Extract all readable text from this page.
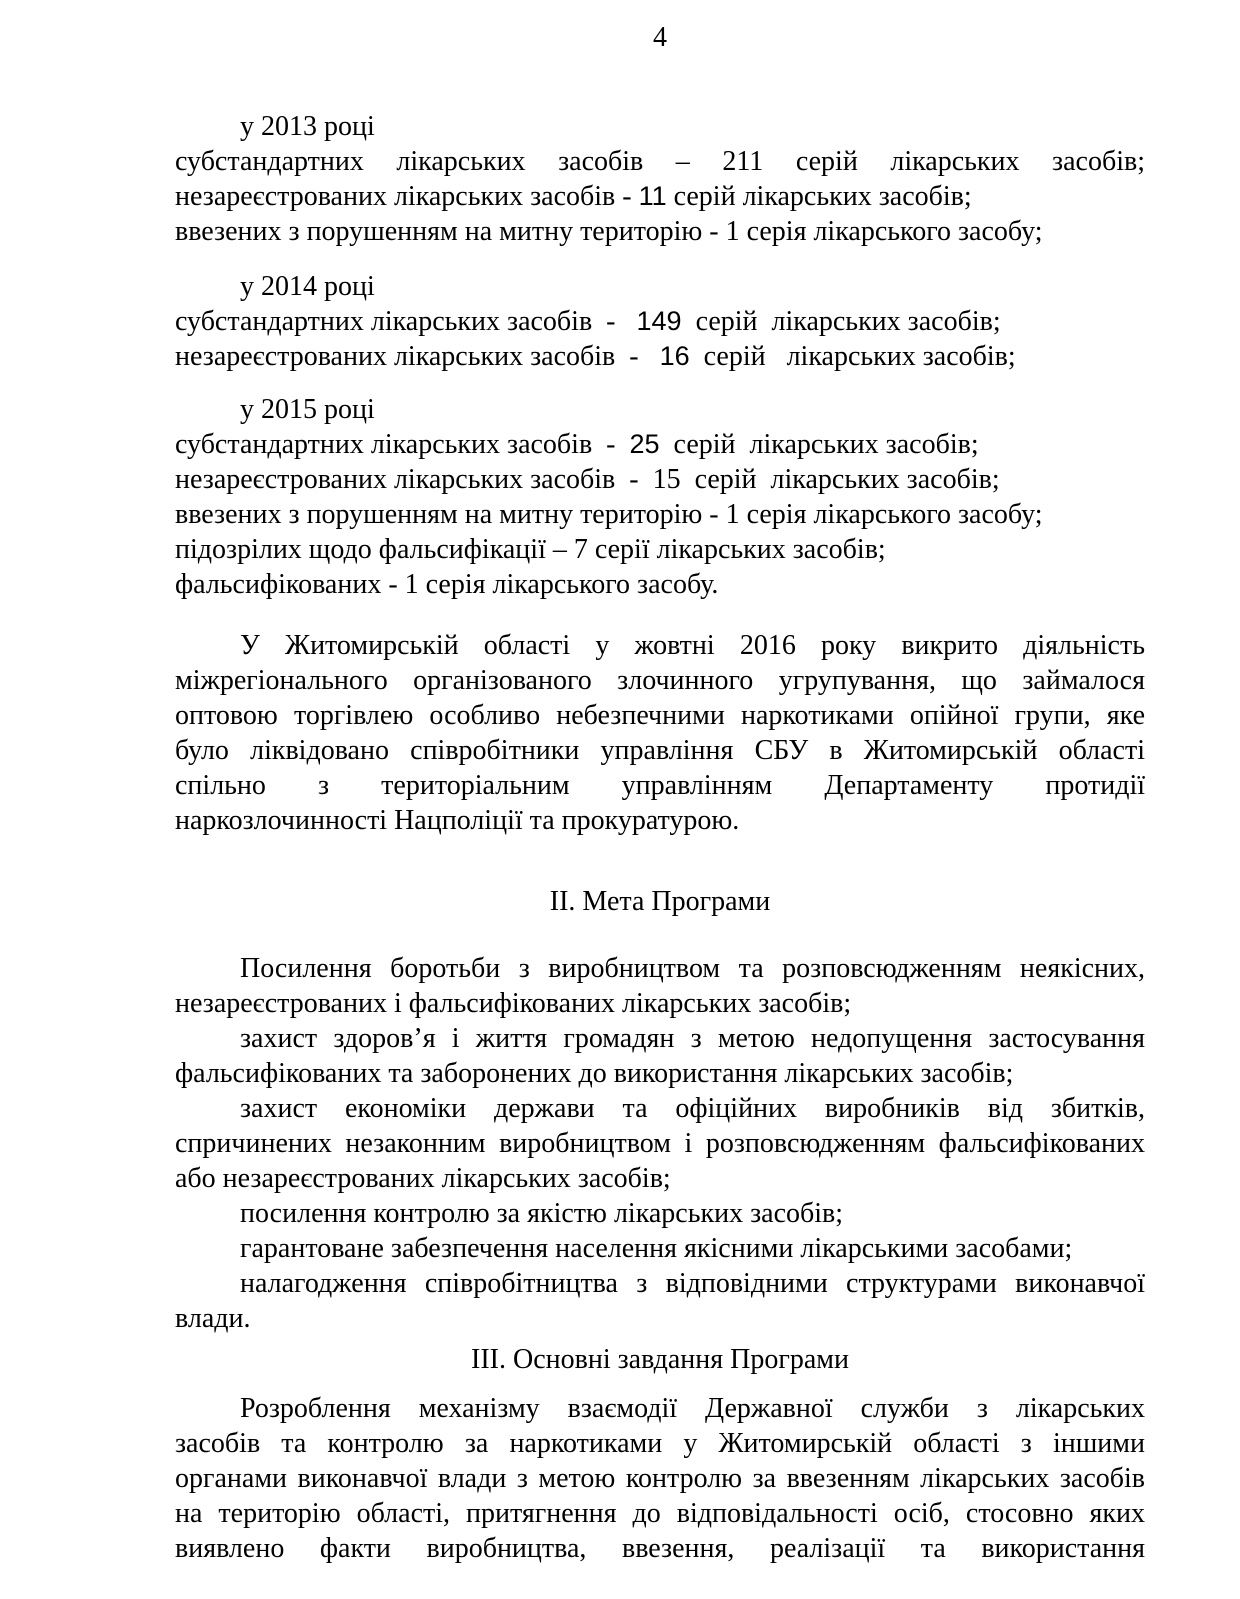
4
у 2013 році
субстандартних лікарських засобів – 211 серій лікарських засобів;
незареєстрованих лікарських засобів - 11 серій лікарських засобів;
ввезених з порушенням на митну територію - 1 серія лікарського засобу;
у 2014 році
субстандартних лікарських засобів  -   149  серій  лікарських засобів;
незареєстрованих лікарських засобів  -   16  серій   лікарських засобів;
у 2015 році
субстандартних лікарських засобів  -  25  серій  лікарських засобів;
незареєстрованих лікарських засобів  -  15  серій  лікарських засобів;
ввезених з порушенням на митну територію - 1 серія лікарського засобу;
підозрілих щодо фальсифікації – 7 серії лікарських засобів;
фальсифікованих - 1 серія лікарського засобу.
У Житомирській області у жовтні 2016 року викрито діяльність
міжрегіонального організованого злочинного угрупування, що займалося
оптовою торгівлею особливо небезпечними наркотиками опійної групи, яке
було ліквідовано співробітники управління СБУ в Житомирській області
спільно з територіальним управлінням Департаменту протидії
наркозлочинності Нацполіції та прокуратурою.
ІІ. Мета Програми
Посилення боротьби з виробництвом та розповсюдженням неякісних,
незареєстрованих і фальсифікованих лікарських засобів;
захист здоров’я і життя громадян з метою недопущення застосування
фальсифікованих та заборонених до використання лікарських засобів;
захист економіки держави та офіційних виробників від збитків,
спричинених незаконним виробництвом і розповсюдженням фальсифікованих
або незареєстрованих лікарських засобів;
посилення контролю за якістю лікарських засобів;
гарантоване забезпечення населення якісними лікарськими засобами;
налагодження співробітництва з відповідними структурами виконавчої
влади.
ІІІ. Основні завдання Програми
Розроблення механізму взаємодії Державної служби з лікарських
засобів та контролю за наркотиками у Житомирській області з іншими
органами виконавчої влади з метою контролю за ввезенням лікарських засобів
на територію області, притягнення до відповідальності осіб, стосовно яких
виявлено факти виробництва, ввезення, реалізації та використання
